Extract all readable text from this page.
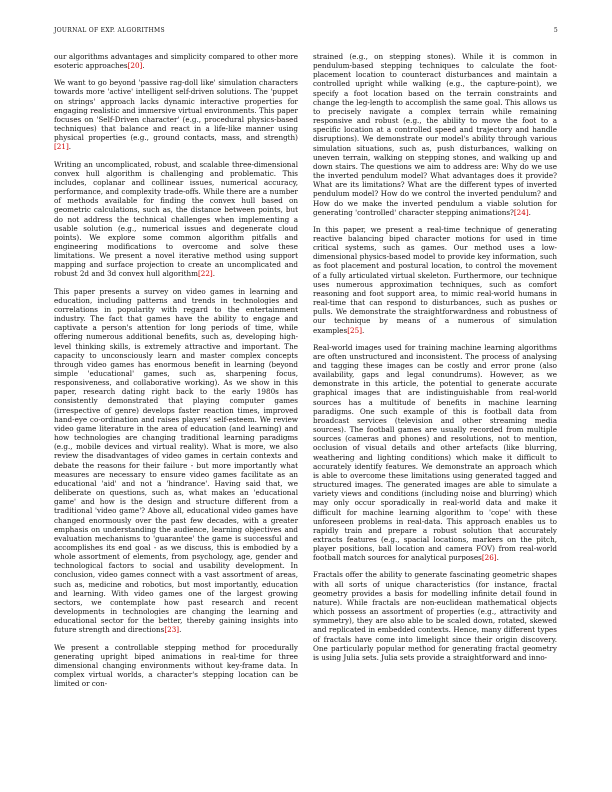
JOURNAL OF EXP. ALGORITHMS	5

our algorithms advantages and simplicity compared to other more esoteric approaches[20].

We want to go beyond 'passive rag-doll like' simulation characters towards more 'active' intelligent self-driven solutions. The 'puppet on strings' approach lacks dynamic interactive properties for engaging realistic and immersive virtual environments. This paper focuses on 'Self-Driven character' (e.g., procedural physics-based techniques) that balance and react in a life-like manner using physical properties (e.g., ground contacts, mass, and strength)[21].

Writing an uncomplicated, robust, and scalable three-dimensional convex hull algorithm is challenging and problematic. This includes, coplanar and collinear issues, numerical accuracy, performance, and complexity trade-offs. While there are a number of methods available for finding the convex hull based on geometric calculations, such as, the distance between points, but do not address the technical challenges when implementing a usable solution (e.g., numerical issues and degenerate cloud points). We explore some common algorithm pitfalls and engineering modifications to overcome and solve these limitations. We present a novel iterative method using support mapping and surface projection to create an uncomplicated and robust 2d and 3d convex hull algorithm[22].

This paper presents a survey on video games in learning and education, including patterns and trends in technologies and correlations in popularity with regard to the entertainment industry. The fact that games have the ability to engage and captivate a person's attention for long periods of time, while offering numerous additional benefits, such as, developing high-level thinking skills, is extremely attractive and important. The capacity to unconsciously learn and master complex concepts through video games has enormous benefit in learning (beyond simple 'educational' games, such as, sharpening focus, responsiveness, and collaborative working). As we show in this paper, research dating right back to the early 1980s has consistently demonstrated that playing computer games (irrespective of genre) develops faster reaction times, improved hand-eye co-ordination and raises players' self-esteem. We review video game literature in the area of education (and learning) and how technologies are changing traditional learning paradigms (e.g., mobile devices and virtual reality). What is more, we also review the disadvantages of video games in certain contexts and debate the reasons for their failure - but more importantly what measures are necessary to ensure video games facilitate as an educational 'aid' and not a 'hindrance'. Having said that, we deliberate on questions, such as, what makes an 'educational game' and how is the design and structure different from a traditional 'video game'? Above all, educational video games have changed enormously over the past few decades, with a greater emphasis on understanding the audience, learning objectives and evaluation mechanisms to 'guarantee' the game is successful and accomplishes its end goal - as we discuss, this is embodied by a whole assortment of elements, from psychology, age, gender and technological factors to social and usability development. In conclusion, video games connect with a vast assortment of areas, such as, medicine and robotics, but most importantly, education and learning. With video games one of the largest growing sectors, we contemplate how past research and recent developments in technologies are changing the learning and educational sector for the better, thereby gaining insights into future strength and directions[23].

We present a controllable stepping method for procedurally generating upright biped animations in real-time for three dimensional changing environments without key-frame data. In complex virtual worlds, a character's stepping location can be limited or con-

strained (e.g., on stepping stones). While it is common in pendulum-based stepping techniques to calculate the foot-placement location to counteract disturbances and maintain a controlled upright while walking (e.g., the capture-point), we specify a foot location based on the terrain constraints and change the leg-length to accomplish the same goal. This allows us to precisely navigate a complex terrain while remaining responsive and robust (e.g., the ability to move the foot to a specific location at a controlled speed and trajectory and handle disruptions). We demonstrate our model's ability through various simulation situations, such as, push disturbances, walking on uneven terrain, walking on stepping stones, and walking up and down stairs. The questions we aim to address are: Why do we use the inverted pendulum model? What advantages does it provide? What are its limitations? What are the different types of inverted pendulum model? How do we control the inverted pendulum? and How do we make the inverted pendulum a viable solution for generating 'controlled' character stepping animations?[24].

In this paper, we present a real-time technique of generating reactive balancing biped character motions for used in time critical systems, such as games. Our method uses a low-dimensional physics-based model to provide key information, such as foot placement and postural location, to control the movement of a fully articulated virtual skeleton. Furthermore, our technique uses numerous approximation techniques, such as comfort reasoning and foot support area, to mimic real-world humans in real-time that can respond to disturbances, such as pushes or pulls. We demonstrate the straightforwardness and robustness of our technique by means of a numerous of simulation examples[25].

Real-world images used for training machine learning algorithms are often unstructured and inconsistent. The process of analysing and tagging these images can be costly and error prone (also availability, gaps and legal conundrums). However, as we demonstrate in this article, the potential to generate accurate graphical images that are indistinguishable from real-world sources has a multitude of benefits in machine learning paradigms. One such example of this is football data from broadcast services (television and other streaming media sources). The football games are usually recorded from multiple sources (cameras and phones) and resolutions, not to mention, occlusion of visual details and other artefacts (like blurring, weathering and lighting conditions) which make it difficult to accurately identify features. We demonstrate an approach which is able to overcome these limitations using generated tagged and structured images. The generated images are able to simulate a variety views and conditions (including noise and blurring) which may only occur sporadically in real-world data and make it difficult for machine learning algorithm to 'cope' with these unforeseen problems in real-data. This approach enables us to rapidly train and prepare a robust solution that accurately extracts features (e.g., spacial locations, markers on the pitch, player positions, ball location and camera FOV) from real-world football match sources for analytical purposes[26].

Fractals offer the ability to generate fascinating geometric shapes with all sorts of unique characteristics (for instance, fractal geometry provides a basis for modelling infinite detail found in nature). While fractals are non-euclidean mathematical objects which possess an assortment of properties (e.g., attractivity and symmetry), they are also able to be scaled down, rotated, skewed and replicated in embedded contexts. Hence, many different types of fractals have come into limelight since their origin discovery. One particularly popular method for generating fractal geometry is using Julia sets. Julia sets provide a straightforward and inno-
